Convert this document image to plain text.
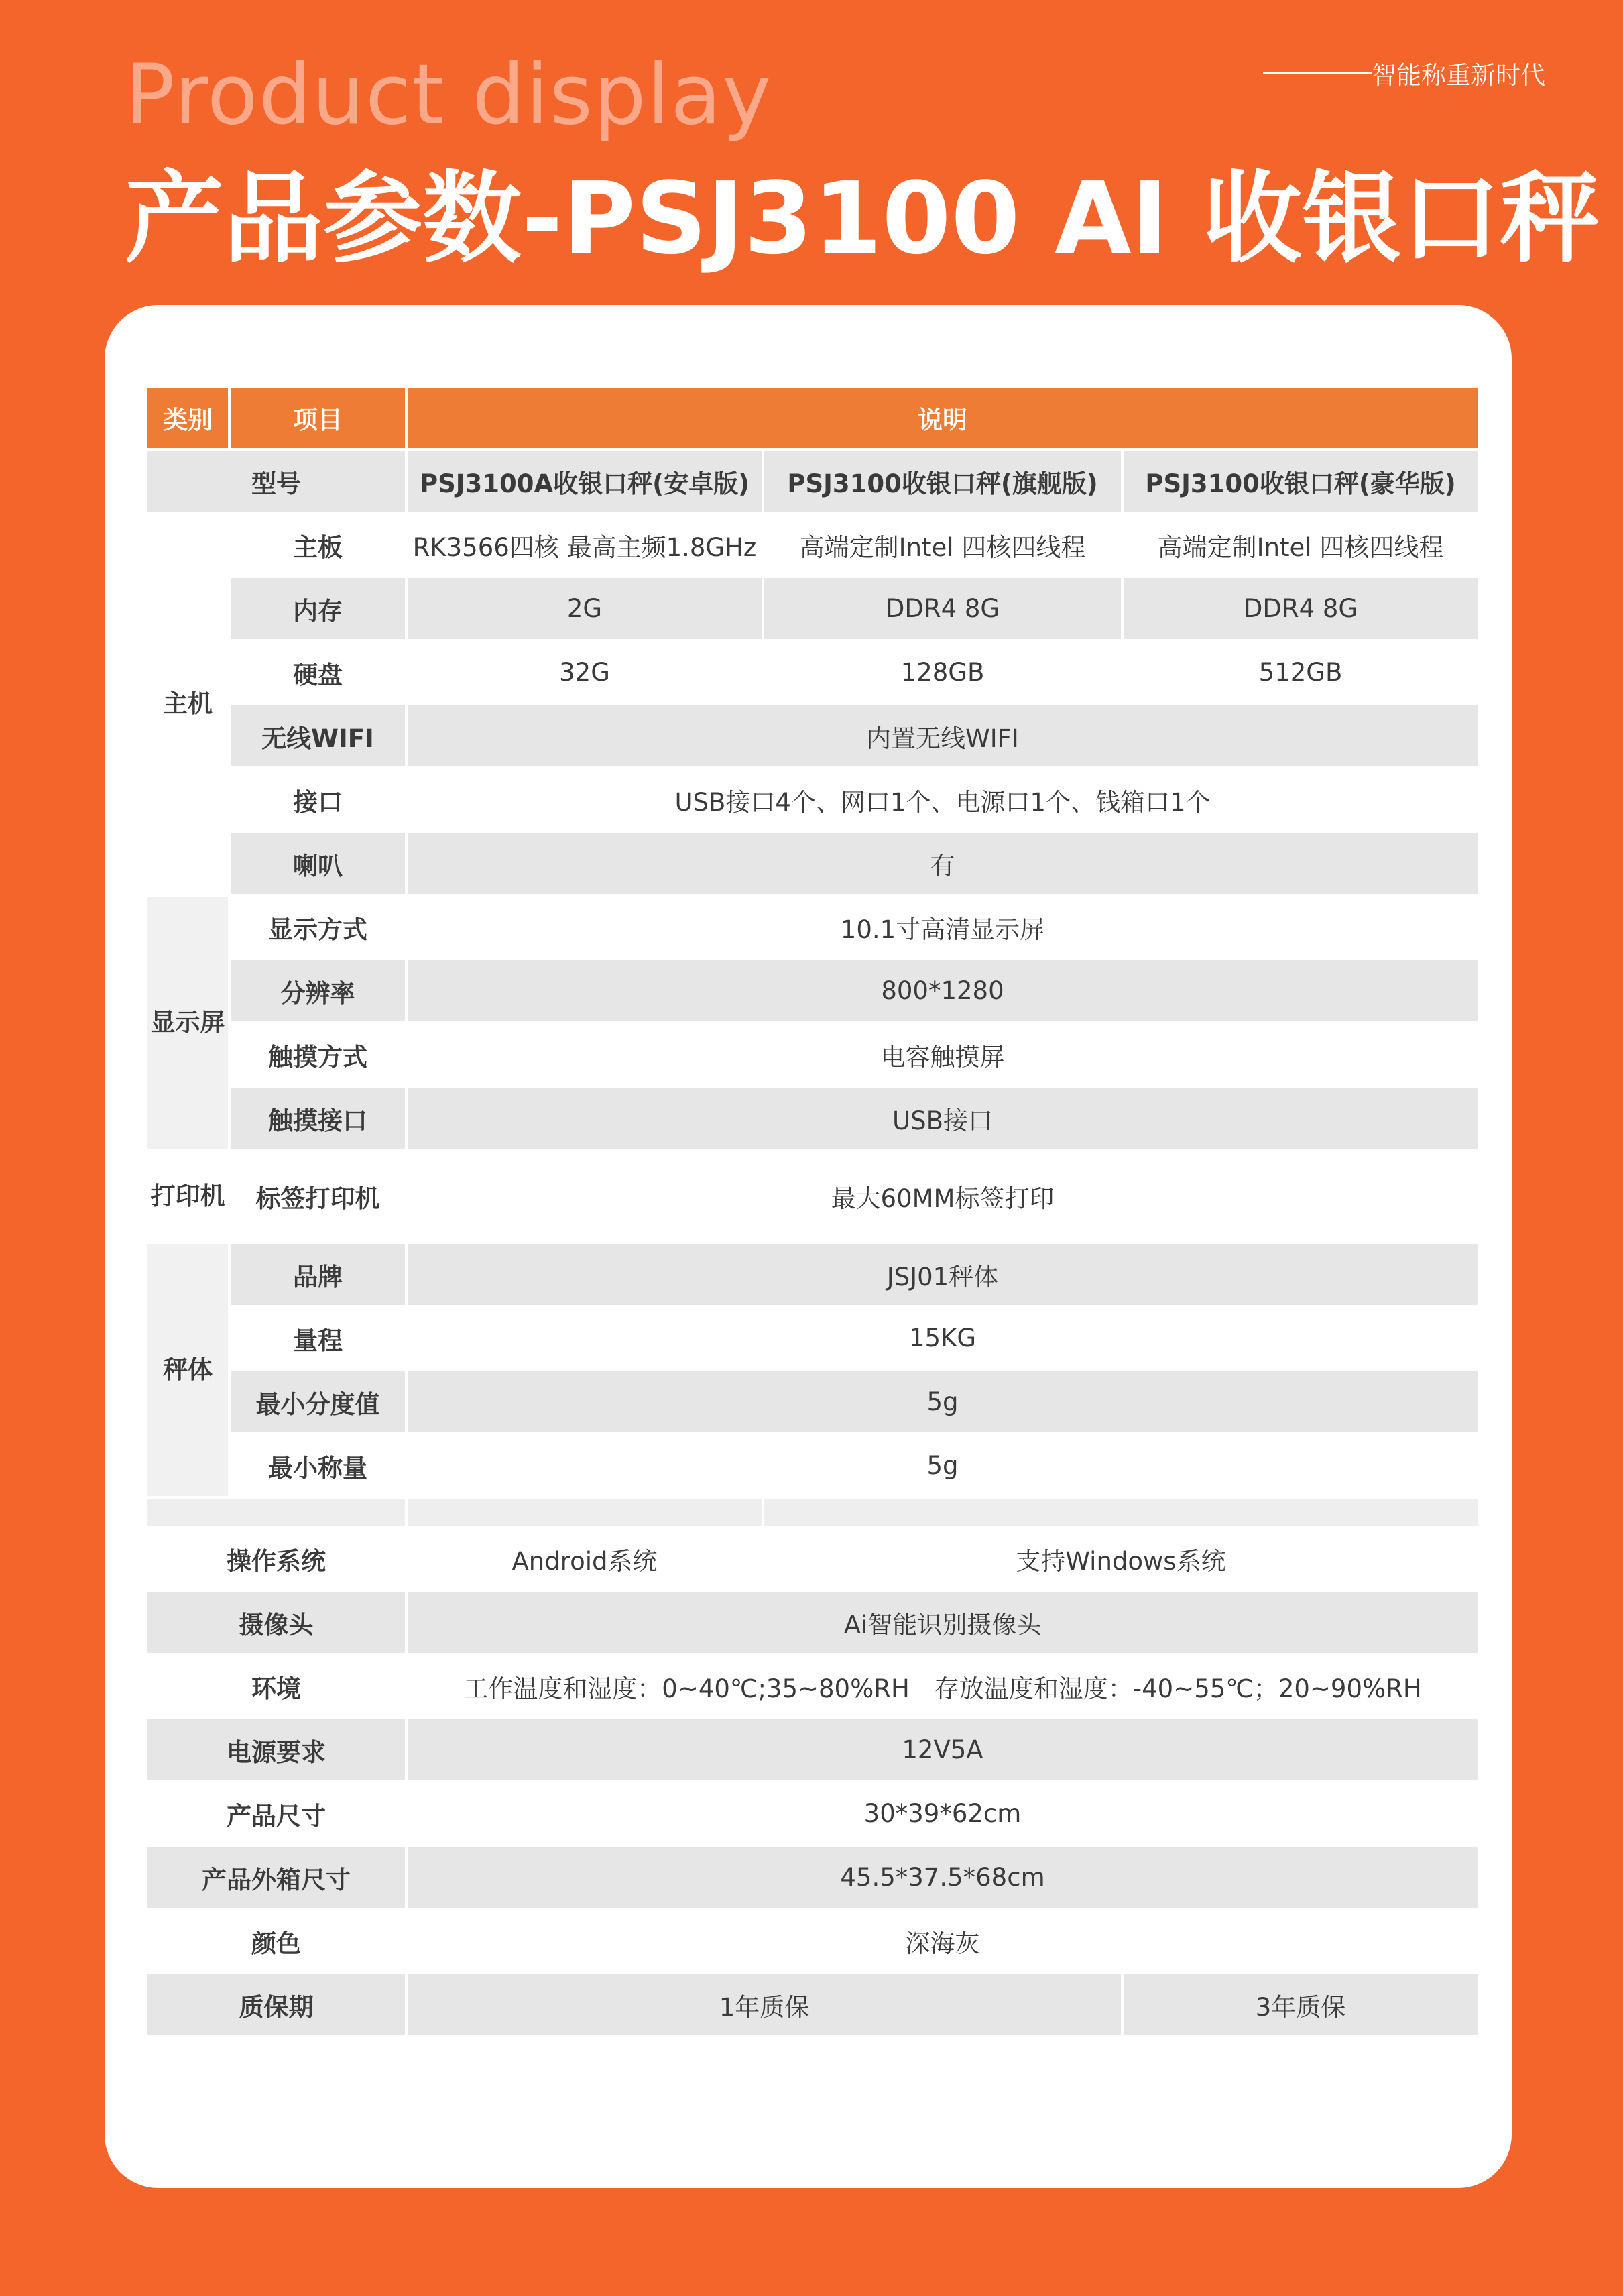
智能称重新时代
Product display
产品参数-PSJ3100 AI 收银口秤
类别	项目	说明		
型号		PSJ3100A收银口秤(安卓版)	PSJ3100收银口秤(旗舰版)	PSJ3100收银口秤(豪华版)
主机	主板	RK3566四核 最高主频1.8GHz	高端定制Intel 四核四线程	高端定制Intel 四核四线程
	内存	2G	DDR4 8G	DDR4 8G
	硬盘	32G	128GB	512GB
	无线WIFI	内置无线WIFI		
	接口	USB接口4个、网口1个、电源口1个、钱箱口1个		
	喇叭	有		
显示屏	显示方式	10.1寸高清显示屏		
	分辨率	800*1280		
	触摸方式	电容触摸屏		
	触摸接口	USB接口		
打印机	标签打印机	最大60MM标签打印		
秤体	品牌	JSJ01秤体		
	量程	15KG		
	最小分度值	5g		
	最小称量	5g		

操作系统		Android系统	支持Windows系统	
摄像头		Ai智能识别摄像头		
环境		工作温度和湿度：0~40℃;35~80%RH　存放温度和湿度：-40~55℃；20~90%RH		
电源要求		12V5A		
产品尺寸		30*39*62cm		
产品外箱尺寸		45.5*37.5*68cm		
颜色		深海灰		
质保期		1年质保		3年质保
